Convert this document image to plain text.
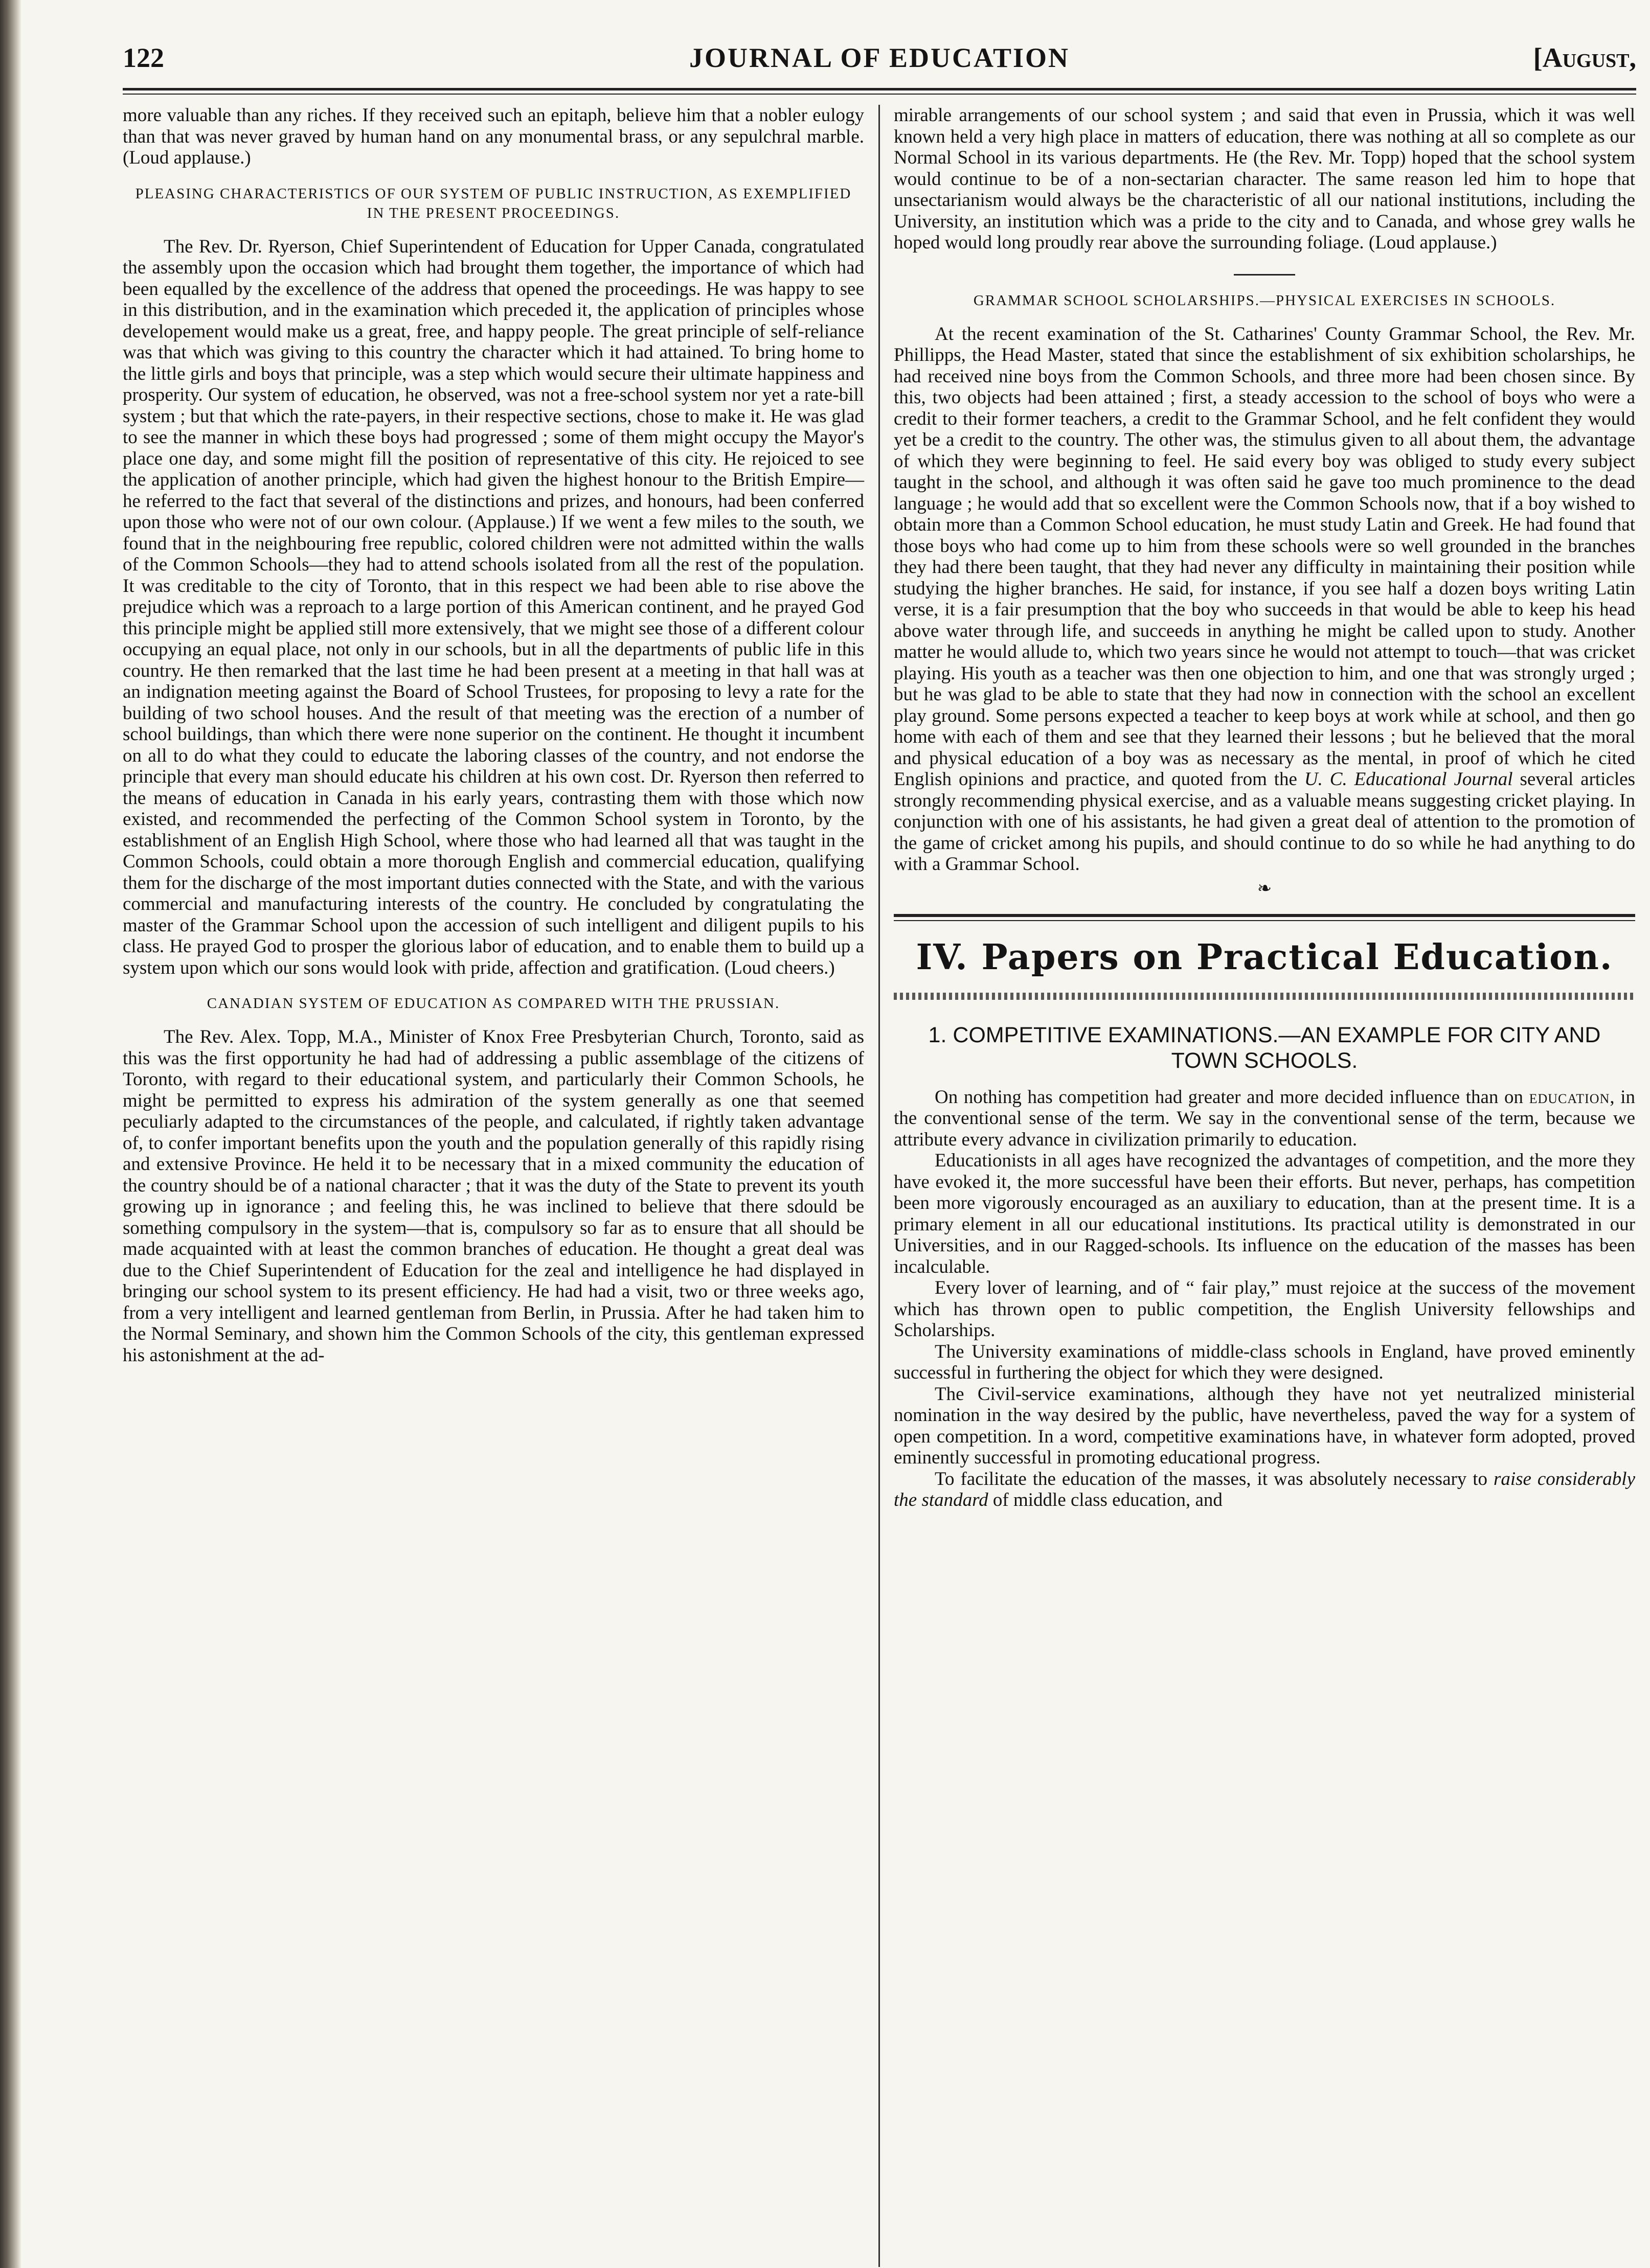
122	JOURNAL OF EDUCATION	[August,

more valuable than any riches. If they received such an epitaph, believe him that a nobler eulogy than that was never graved by human hand on any monumental brass, or any sepulchral marble. (Loud applause.)

PLEASING CHARACTERISTICS OF OUR SYSTEM OF PUBLIC INSTRUCTION, AS EXEMPLIFIED IN THE PRESENT PROCEEDINGS.

The Rev. Dr. Ryerson, Chief Superintendent of Education for Upper Canada, congratulated the assembly upon the occasion which had brought them together, the importance of which had been equalled by the excellence of the address that opened the proceedings. He was happy to see in this distribution, and in the examination which preceded it, the application of principles whose developement would make us a great, free, and happy people. The great principle of self-reliance was that which was giving to this country the character which it had attained. To bring home to the little girls and boys that principle, was a step which would secure their ultimate happiness and prosperity. Our system of education, he observed, was not a free-school system nor yet a rate-bill system ; but that which the rate-payers, in their respective sections, chose to make it. He was glad to see the manner in which these boys had progressed ; some of them might occupy the Mayor's place one day, and some might fill the position of representative of this city. He rejoiced to see the application of another principle, which had given the highest honour to the British Empire—he referred to the fact that several of the distinctions and prizes, and honours, had been conferred upon those who were not of our own colour. (Applause.) If we went a few miles to the south, we found that in the neighbouring free republic, colored children were not admitted within the walls of the Common Schools—they had to attend schools isolated from all the rest of the population. It was creditable to the city of Toronto, that in this respect we had been able to rise above the prejudice which was a reproach to a large portion of this American continent, and he prayed God this principle might be applied still more extensively, that we might see those of a different colour occupying an equal place, not only in our schools, but in all the departments of public life in this country. He then remarked that the last time he had been present at a meeting in that hall was at an indignation meeting against the Board of School Trustees, for proposing to levy a rate for the building of two school houses. And the result of that meeting was the erection of a number of school buildings, than which there were none superior on the continent. He thought it incumbent on all to do what they could to educate the laboring classes of the country, and not endorse the principle that every man should educate his children at his own cost. Dr. Ryerson then referred to the means of education in Canada in his early years, contrasting them with those which now existed, and recommended the perfecting of the Common School system in Toronto, by the establishment of an English High School, where those who had learned all that was taught in the Common Schools, could obtain a more thorough English and commercial education, qualifying them for the discharge of the most important duties connected with the State, and with the various commercial and manufacturing interests of the country. He concluded by congratulating the master of the Grammar School upon the accession of such intelligent and diligent pupils to his class. He prayed God to prosper the glorious labor of education, and to enable them to build up a system upon which our sons would look with pride, affection and gratification. (Loud cheers.)

CANADIAN SYSTEM OF EDUCATION AS COMPARED WITH THE PRUSSIAN.

The Rev. Alex. Topp, M.A., Minister of Knox Free Presbyterian Church, Toronto, said as this was the first opportunity he had had of addressing a public assemblage of the citizens of Toronto, with regard to their educational system, and particularly their Common Schools, he might be permitted to express his admiration of the system generally as one that seemed peculiarly adapted to the circumstances of the people, and calculated, if rightly taken advantage of, to confer important benefits upon the youth and the population generally of this rapidly rising and extensive Province. He held it to be necessary that in a mixed community the education of the country should be of a national character ; that it was the duty of the State to prevent its youth growing up in ignorance ; and feeling this, he was inclined to believe that there sdould be something compulsory in the system—that is, compulsory so far as to ensure that all should be made acquainted with at least the common branches of education. He thought a great deal was due to the Chief Superintendent of Education for the zeal and intelligence he had displayed in bringing our school system to its present efficiency. He had had a visit, two or three weeks ago, from a very intelligent and learned gentleman from Berlin, in Prussia. After he had taken him to the Normal Seminary, and shown him the Common Schools of the city, this gentleman expressed his astonishment at the ad-

mirable arrangements of our school system ; and said that even in Prussia, which it was well known held a very high place in matters of education, there was nothing at all so complete as our Normal School in its various departments. He (the Rev. Mr. Topp) hoped that the school system would continue to be of a non-sectarian character. The same reason led him to hope that unsectarianism would always be the characteristic of all our national institutions, including the University, an institution which was a pride to the city and to Canada, and whose grey walls he hoped would long proudly rear above the surrounding foliage. (Loud applause.)

GRAMMAR SCHOOL SCHOLARSHIPS.—PHYSICAL EXERCISES IN SCHOOLS.

At the recent examination of the St. Catharines' County Grammar School, the Rev. Mr. Phillipps, the Head Master, stated that since the establishment of six exhibition scholarships, he had received nine boys from the Common Schools, and three more had been chosen since. By this, two objects had been attained ; first, a steady accession to the school of boys who were a credit to their former teachers, a credit to the Grammar School, and he felt confident they would yet be a credit to the country. The other was, the stimulus given to all about them, the advantage of which they were beginning to feel. He said every boy was obliged to study every subject taught in the school, and although it was often said he gave too much prominence to the dead language ; he would add that so excellent were the Common Schools now, that if a boy wished to obtain more than a Common School education, he must study Latin and Greek. He had found that those boys who had come up to him from these schools were so well grounded in the branches they had there been taught, that they had never any difficulty in maintaining their position while studying the higher branches. He said, for instance, if you see half a dozen boys writing Latin verse, it is a fair presumption that the boy who succeeds in that would be able to keep his head above water through life, and succeeds in anything he might be called upon to study. Another matter he would allude to, which two years since he would not attempt to touch—that was cricket playing. His youth as a teacher was then one objection to him, and one that was strongly urged ; but he was glad to be able to state that they had now in connection with the school an excellent play ground. Some persons expected a teacher to keep boys at work while at school, and then go home with each of them and see that they learned their lessons ; but he believed that the moral and physical education of a boy was as necessary as the mental, in proof of which he cited English opinions and practice, and quoted from the U. C. Educational Journal several articles strongly recommending physical exercise, and as a valuable means suggesting cricket playing. In conjunction with one of his assistants, he had given a great deal of attention to the promotion of the game of cricket among his pupils, and should continue to do so while he had anything to do with a Grammar School.

❧
IV. Papers on Practical Education.
1. COMPETITIVE EXAMINATIONS.—AN EXAMPLE FOR CITY AND TOWN SCHOOLS.

On nothing has competition had greater and more decided influence than on education, in the conventional sense of the term. We say in the conventional sense of the term, because we attribute every advance in civilization primarily to education.

Educationists in all ages have recognized the advantages of competition, and the more they have evoked it, the more successful have been their efforts. But never, perhaps, has competition been more vigorously encouraged as an auxiliary to education, than at the present time. It is a primary element in all our educational institutions. Its practical utility is demonstrated in our Universities, and in our Ragged-schools. Its influence on the education of the masses has been incalculable.

Every lover of learning, and of “ fair play,” must rejoice at the success of the movement which has thrown open to public competition, the English University fellowships and Scholarships.

The University examinations of middle-class schools in England, have proved eminently successful in furthering the object for which they were designed.

The Civil-service examinations, although they have not yet neutralized ministerial nomination in the way desired by the public, have nevertheless, paved the way for a system of open competition. In a word, competitive examinations have, in whatever form adopted, proved eminently successful in promoting educational progress.

To facilitate the education of the masses, it was absolutely necessary to raise considerably the standard of middle class education, and
